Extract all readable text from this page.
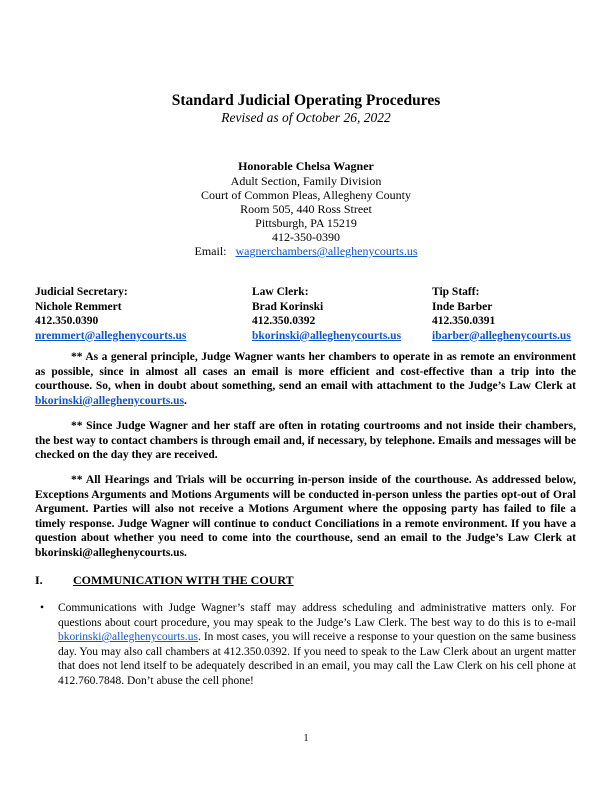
Standard Judicial Operating Procedures
Revised as of October 26, 2022
Honorable Chelsa Wagner
Adult Section, Family Division
Court of Common Pleas, Allegheny County
Room 505, 440 Ross Street
Pittsburgh, PA 15219
412-350-0390
Email: wagnerchambers@alleghenycourts.us
Judicial Secretary:
Nichole Remmert
412.350.0390
nremmert@alleghenycourts.us
Law Clerk:
Brad Korinski
412.350.0392
bkorinski@alleghenycourts.us
Tip Staff:
Inde Barber
412.350.0391
ibarber@alleghenycourts.us
** As a general principle, Judge Wagner wants her chambers to operate in as remote an environment as possible, since in almost all cases an email is more efficient and cost-effective than a trip into the courthouse. So, when in doubt about something, send an email with attachment to the Judge’s Law Clerk at bkorinski@alleghenycourts.us.
** Since Judge Wagner and her staff are often in rotating courtrooms and not inside their chambers, the best way to contact chambers is through email and, if necessary, by telephone. Emails and messages will be checked on the day they are received.
** All Hearings and Trials will be occurring in-person inside of the courthouse. As addressed below, Exceptions Arguments and Motions Arguments will be conducted in-person unless the parties opt-out of Oral Argument. Parties will also not receive a Motions Argument where the opposing party has failed to file a timely response. Judge Wagner will continue to conduct Conciliations in a remote environment. If you have a question about whether you need to come into the courthouse, send an email to the Judge’s Law Clerk at bkorinski@alleghenycourts.us.
I.	COMMUNICATION WITH THE COURT
• Communications with Judge Wagner’s staff may address scheduling and administrative matters only. For questions about court procedure, you may speak to the Judge’s Law Clerk. The best way to do this is to e-mail bkorinski@alleghenycourts.us. In most cases, you will receive a response to your question on the same business day. You may also call chambers at 412.350.0392. If you need to speak to the Law Clerk about an urgent matter that does not lend itself to be adequately described in an email, you may call the Law Clerk on his cell phone at 412.760.7848. Don’t abuse the cell phone!
1
